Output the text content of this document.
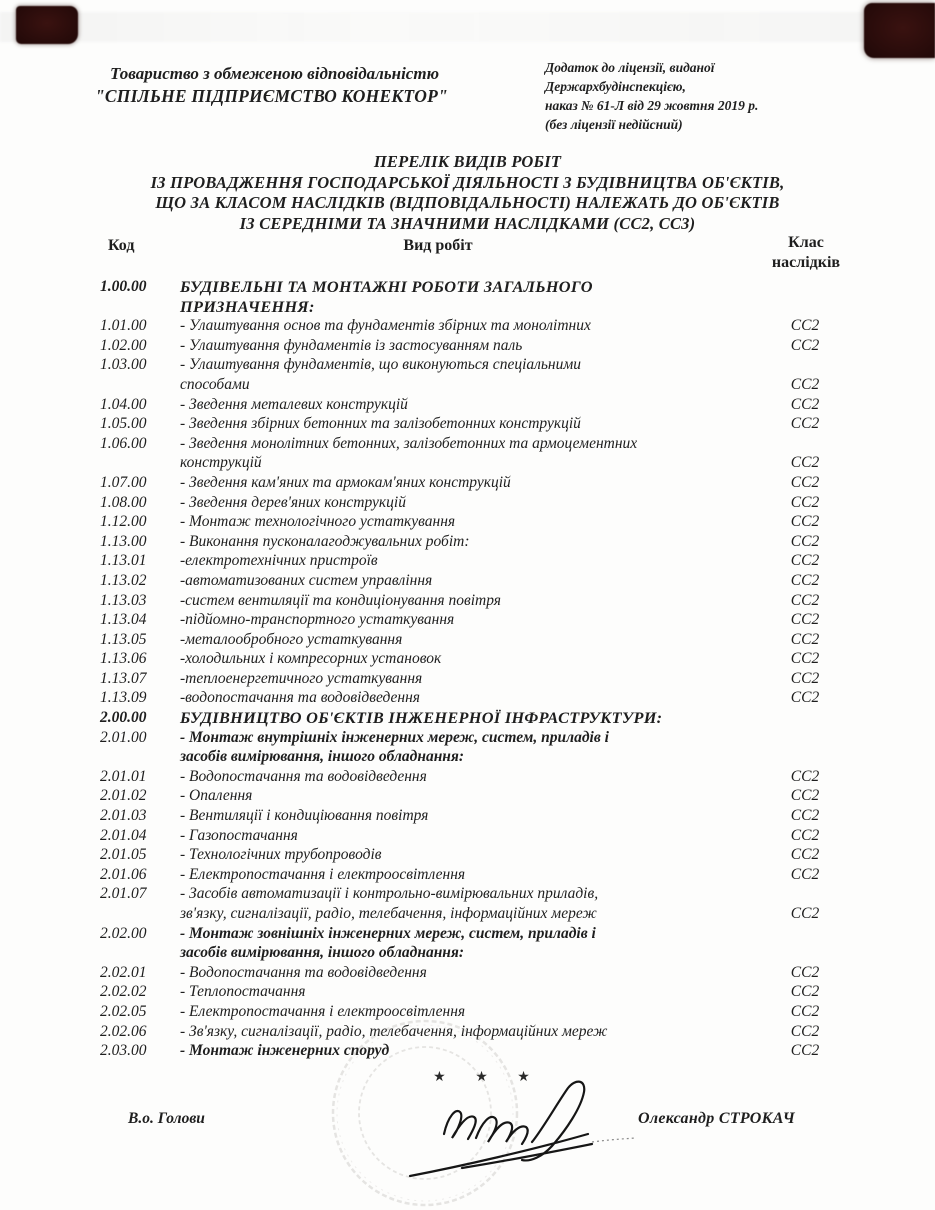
Товариство з обмеженою відповідальністю
"СПІЛЬНЕ ПІДПРИЄМСТВО КОНЕКТОР"
Додаток до ліцензії, виданої
Держархбудінспекцією,
наказ № 61-Л від 29 жовтня 2019 р.
(без ліцензії недійсний)
ПЕРЕЛІК ВИДІВ РОБІТ
ІЗ ПРОВАДЖЕННЯ ГОСПОДАРСЬКОЇ ДІЯЛЬНОСТІ З БУДІВНИЦТВА ОБ'ЄКТІВ,
ЩО ЗА КЛАСОМ НАСЛІДКІВ (ВІДПОВІДАЛЬНОСТІ) НАЛЕЖАТЬ ДО ОБ'ЄКТІВ
ІЗ СЕРЕДНІМИ ТА ЗНАЧНИМИ НАСЛІДКАМИ (СС2, СС3)
Код	Вид робіт	Клас
наслідків
1.00.00	БУДІВЕЛЬНІ ТА МОНТАЖНІ РОБОТИ ЗАГАЛЬНОГО
ПРИЗНАЧЕННЯ:
1.01.00	- Улаштування основ та фундаментів збірних та монолітних	СС2
1.02.00	- Улаштування фундаментів із застосуванням паль	СС2
1.03.00	- Улаштування фундаментів, що виконуються спеціальними
способами	СС2
1.04.00	- Зведення металевих конструкцій	СС2
1.05.00	- Зведення збірних бетонних та залізобетонних конструкцій	СС2
1.06.00	- Зведення монолітних бетонних, залізобетонних та армоцементних
конструкцій	СС2
1.07.00	- Зведення кам'яних та армокам'яних конструкцій	СС2
1.08.00	- Зведення дерев'яних конструкцій	СС2
1.12.00	- Монтаж технологічного устаткування	СС2
1.13.00	- Виконання пусконалагоджувальних робіт:	СС2
1.13.01	-електротехнічних пристроїв	СС2
1.13.02	-автоматизованих систем управління	СС2
1.13.03	-систем вентиляції та кондиціонування повітря	СС2
1.13.04	-підйомно-транспортного устаткування	СС2
1.13.05	-металообробного устаткування	СС2
1.13.06	-холодильних і компресорних установок	СС2
1.13.07	-теплоенергетичного устаткування	СС2
1.13.09	-водопостачання та водовідведення	СС2
2.00.00	БУДІВНИЦТВО ОБ'ЄКТІВ ІНЖЕНЕРНОЇ ІНФРАСТРУКТУРИ:
2.01.00	- Монтаж внутрішніх інженерних мереж, систем, приладів і
засобів вимірювання, іншого обладнання:
2.01.01	- Водопостачання та водовідведення	СС2
2.01.02	- Опалення	СС2
2.01.03	- Вентиляції і кондиціювання повітря	СС2
2.01.04	- Газопостачання	СС2
2.01.05	- Технологічних трубопроводів	СС2
2.01.06	- Електропостачання і електроосвітлення	СС2
2.01.07	- Засобів автоматизації і контрольно-вимірювальних приладів,
зв'язку, сигналізації, радіо, телебачення, інформаційних мереж	СС2
2.02.00	- Монтаж зовнішніх інженерних мереж, систем, приладів і
засобів вимірювання, іншого обладнання:
2.02.01	- Водопостачання та водовідведення	СС2
2.02.02	- Теплопостачання	СС2
2.02.05	- Електропостачання і електроосвітлення	СС2
2.02.06	- Зв'язку, сигналізації, радіо, телебачення, інформаційних мереж	СС2
2.03.00	- Монтаж інженерних споруд	СС2
★ ★ ★
В.о. Голови	Олександр СТРОКАЧ
